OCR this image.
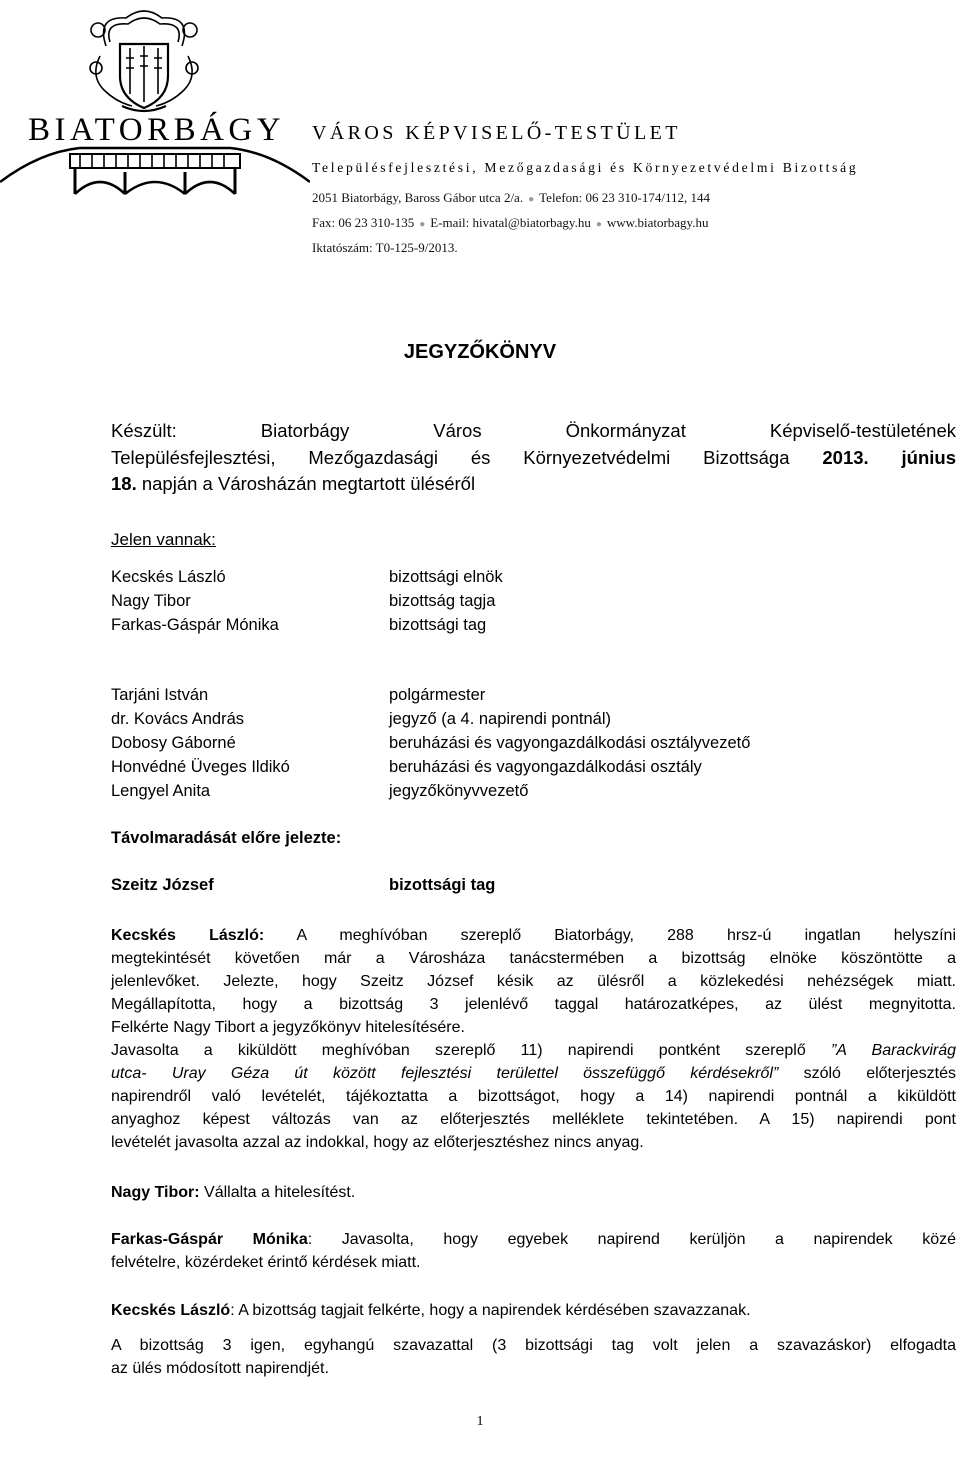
BIATORBÁGY VÁROS KÉPVISELŐ-TESTÜLET
Településfejlesztési, Mezőgazdasági és Környezetvédelmi Bizottság
2051 Biatorbágy, Baross Gábor utca 2/a. ● Telefon: 06 23 310-174/112, 144
Fax: 06 23 310-135 ● E-mail: hivatal@biatorbagy.hu ● www.biatorbagy.hu
Iktatószám: T0-125-9/2013.
JEGYZŐKÖNYV
Készült: Biatorbágy Város Önkormányzat Képviselő-testületének
Településfejlesztési, Mezőgazdasági és Környezetvédelmi Bizottsága 2013. június
18. napján a Városházán megtartott üléséről
Jelen vannak:
Kecskés László	bizottsági elnök
Nagy Tibor	bizottság tagja
Farkas-Gáspár Mónika	bizottsági tag
Tarjáni István	polgármester
dr. Kovács András	jegyző (a 4. napirendi pontnál)
Dobosy Gáborné	beruházási és vagyongazdálkodási osztályvezető
Honvédné Üveges Ildikó	beruházási és vagyongazdálkodási osztály
Lengyel Anita	jegyzőkönyvvezető
Távolmaradását előre jelezte:
Szeitz József	bizottsági tag
Kecskés László: A meghívóban szereplő Biatorbágy, 288 hrsz-ú ingatlan helyszíni
megtekintését követően már a Városháza tanácstermében a bizottság elnöke köszöntötte a
jelenlevőket. Jelezte, hogy Szeitz József késik az ülésről a közlekedési nehézségek miatt.
Megállapította, hogy a bizottság 3 jelenlévő taggal határozatképes, az ülést megnyitotta.
Felkérte Nagy Tibort a jegyzőkönyv hitelesítésére.
Javasolta a kiküldött meghívóban szereplő 11) napirendi pontként szereplő ”A Barackvirág
utca- Uray Géza út között fejlesztési területtel összefüggő kérdésekről” szóló előterjesztés
napirendről való levételét, tájékoztatta a bizottságot, hogy a 14) napirendi pontnál a kiküldött
anyaghoz képest változás van az előterjesztés melléklete tekintetében. A 15) napirendi pont
levételét javasolta azzal az indokkal, hogy az előterjesztéshez nincs anyag.
Nagy Tibor: Vállalta a hitelesítést.
Farkas-Gáspár Mónika: Javasolta, hogy egyebek napirend kerüljön a napirendek közé
felvételre, közérdeket érintő kérdések miatt.
Kecskés László: A bizottság tagjait felkérte, hogy a napirendek kérdésében szavazzanak.
A bizottság 3 igen, egyhangú szavazattal (3 bizottsági tag volt jelen a szavazáskor) elfogadta
az ülés módosított napirendjét.
1
